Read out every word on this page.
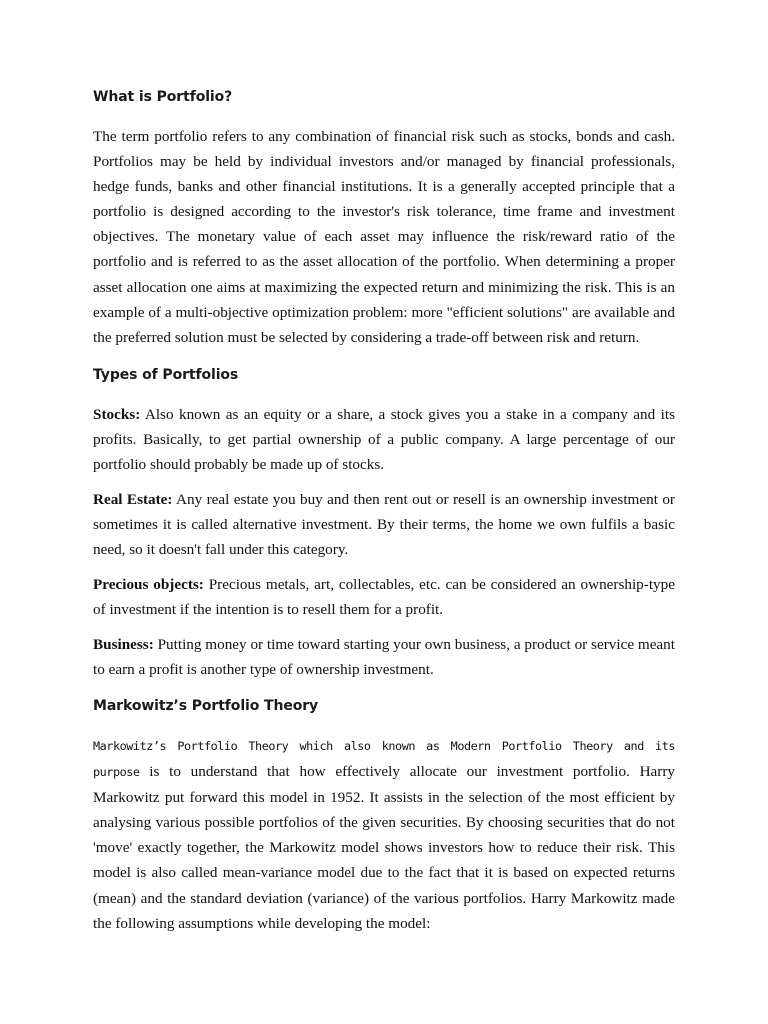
What is Portfolio?

The term portfolio refers to any combination of financial risk such as stocks, bonds and cash. Portfolios may be held by individual investors and/or managed by financial professionals, hedge funds, banks and other financial institutions. It is a generally accepted principle that a portfolio is designed according to the investor's risk tolerance, time frame and investment objectives. The monetary value of each asset may influence the risk/reward ratio of the portfolio and is referred to as the asset allocation of the portfolio. When determining a proper asset allocation one aims at maximizing the expected return and minimizing the risk. This is an example of a multi-objective optimization problem: more "efficient solutions" are available and the preferred solution must be selected by considering a trade-off between risk and return.

Types of Portfolios

Stocks: Also known as an equity or a share, a stock gives you a stake in a company and its profits. Basically, to get partial ownership of a public company. A large percentage of our portfolio should probably be made up of stocks.

Real Estate: Any real estate you buy and then rent out or resell is an ownership investment or sometimes it is called alternative investment. By their terms, the home we own fulfils a basic need, so it doesn't fall under this category.

Precious objects: Precious metals, art, collectables, etc. can be considered an ownership-type of investment if the intention is to resell them for a profit.

Business: Putting money or time toward starting your own business, a product or service meant to earn a profit is another type of ownership investment.

Markowitz’s Portfolio Theory

Markowitz’s Portfolio Theory which also known as Modern Portfolio Theory and its purpose is to understand that how effectively allocate our investment portfolio. Harry Markowitz put forward this model in 1952. It assists in the selection of the most efficient by analysing various possible portfolios of the given securities. By choosing securities that do not 'move' exactly together, the Markowitz model shows investors how to reduce their risk. This model is also called mean-variance model due to the fact that it is based on expected returns (mean) and the standard deviation (variance) of the various portfolios. Harry Markowitz made the following assumptions while developing the model:
